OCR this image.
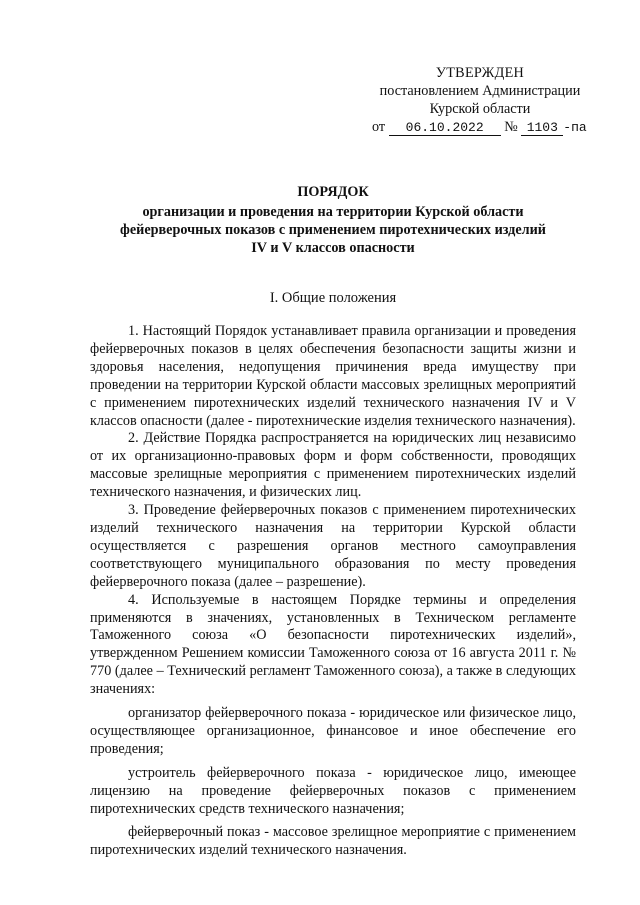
УТВЕРЖДЕН
постановлением Администрации
Курской области
от 06.10.2022 № 1103 -па
ПОРЯДОК
организации и проведения на территории Курской области
фейерверочных показов с применением пиротехнических изделий
IV и V классов опасности
I. Общие положения

1. Настоящий Порядок устанавливает правила организации и проведения фейерверочных показов в целях обеспечения безопасности защиты жизни и здоровья населения, недопущения причинения вреда имуществу при проведении на территории Курской области массовых зрелищных мероприятий с применением пиротехнических изделий технического назначения IV и V классов опасности (далее - пиротехнические изделия технического назначения).

2. Действие Порядка распространяется на юридических лиц независимо от их организационно-правовых форм и форм собственности, проводящих массовые зрелищные мероприятия с применением пиротехнических изделий технического назначения, и физических лиц.

3. Проведение фейерверочных показов с применением пиротехнических изделий технического назначения на территории Курской области осуществляется с разрешения органов местного самоуправления соответствующего муниципального образования по месту проведения фейерверочного показа (далее – разрешение).

4. Используемые в настоящем Порядке термины и определения применяются в значениях, установленных в Техническом регламенте Таможенного союза «О безопасности пиротехнических изделий», утвержденном Решением комиссии Таможенного союза от 16 августа 2011 г. № 770 (далее – Технический регламент Таможенного союза), а также в следующих значениях:

организатор фейерверочного показа - юридическое или физическое лицо, осуществляющее организационное, финансовое и иное обеспечение его проведения;

устроитель фейерверочного показа - юридическое лицо, имеющее лицензию на проведение фейерверочных показов с применением пиротехнических средств технического назначения;

фейерверочный показ - массовое зрелищное мероприятие с применением пиротехнических изделий технического назначения.
